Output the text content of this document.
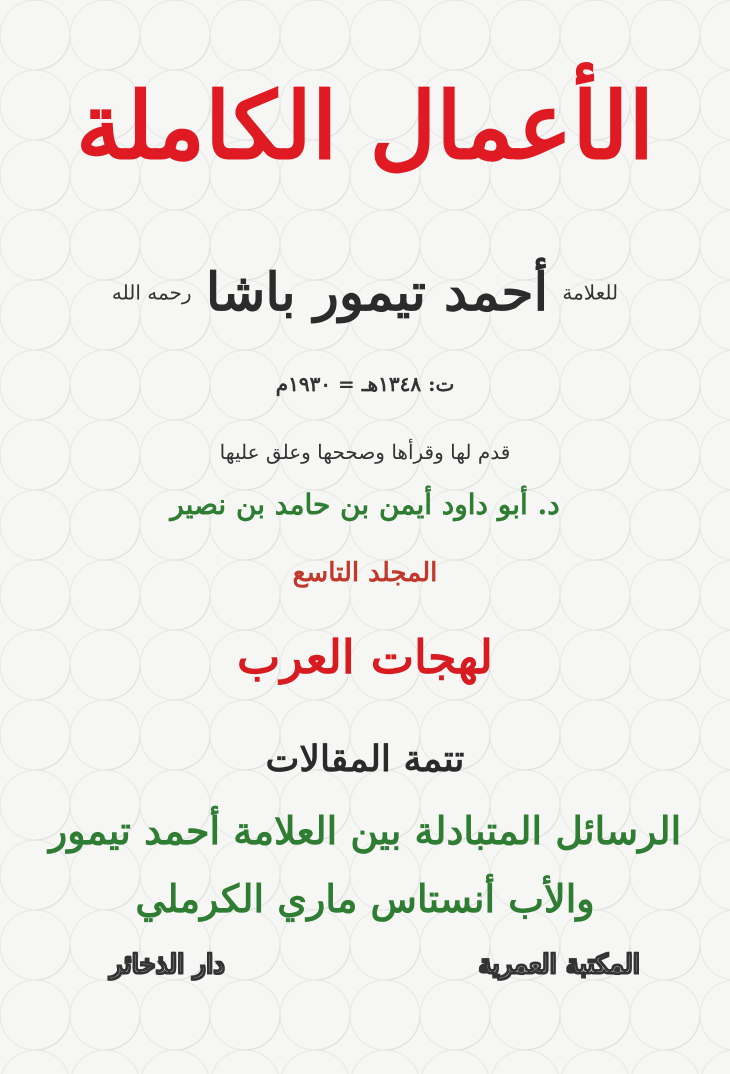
الأعمال الكاملة
للعلامة أحمد تيمور باشا رحمه الله
ت: ١٣٤٨هـ = ١٩٣٠م
قدم لها وقرأها وصححها وعلق عليها
د. أبو داود أيمن بن حامد بن نصير
المجلد التاسع
لهجات العرب
تتمة المقالات
الرسائل المتبادلة بين العلامة أحمد تيمور
والأب أنستاس ماري الكرملي
المكتبة العمرية
دار الذخائر
